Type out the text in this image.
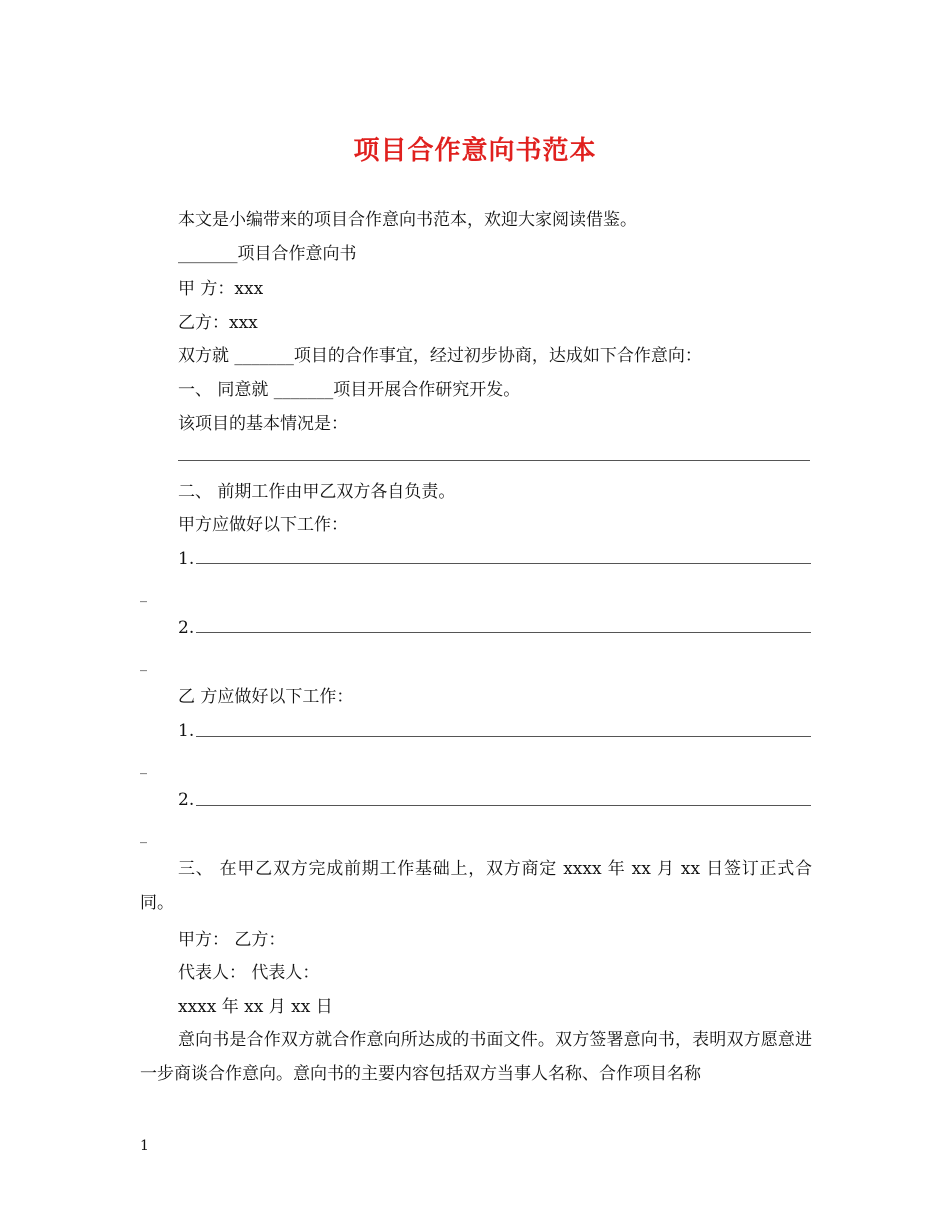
项目合作意向书范本
本文是小编带来的项目合作意向书范本，欢迎大家阅读借鉴。
_______项目合作意向书
甲 方：xxx
乙方：xxx
双方就 _______项目的合作事宜，经过初步协商，达成如下合作意向：
一、 同意就 _______项目开展合作研究开发。
该项目的基本情况是：
二、 前期工作由甲乙双方各自负责。
甲方应做好以下工作：
1.
_
2.
_
乙 方应做好以下工作：
1.
_
2.
_
三、 在甲乙双方完成前期工作基础上，双方商定 xxxx 年 xx 月 xx 日签订正式合同。
甲方： 乙方：
代表人： 代表人：
xxxx 年 xx 月 xx 日
意向书是合作双方就合作意向所达成的书面文件。双方签署意向书，表明双方愿意进一步商谈合作意向。意向书的主要内容包括双方当事人名称、合作项目名称
1
